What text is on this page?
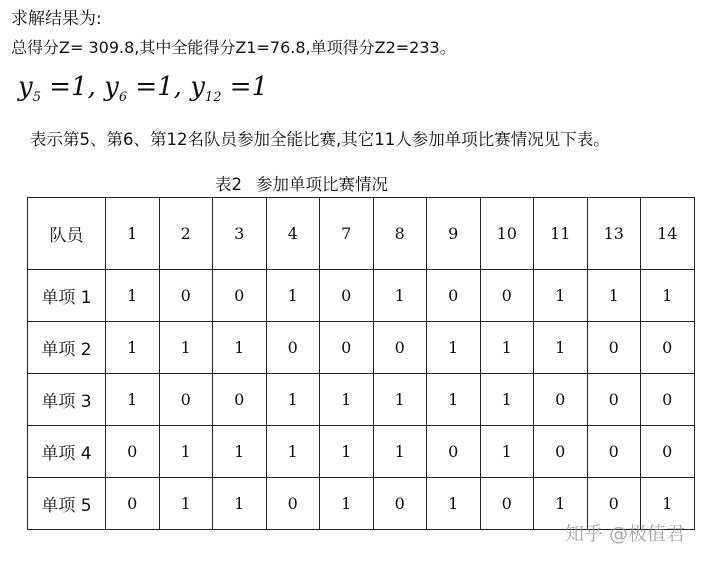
求解结果为:
总得分Z= 309.8,其中全能得分Z1=76.8,单项得分Z2=233。
$y_5 =1$, $y_6 =1$, $y_{12} =1$
表示第5、第6、第12名队员参加全能比赛,其它11人参加单项比赛情况见下表。
表2 参加单项比赛情况
队员	1	2	3	4	7	8	9	10	11	13	14
单项 1	1	0	0	1	0	1	0	0	1	1	1
单项 2	1	1	1	0	0	0	1	1	1	0	0
单项 3	1	0	0	1	1	1	1	1	0	0	0
单项 4	0	1	1	1	1	1	0	1	0	0	0
单项 5	0	1	1	0	1	0	1	0	1	0	1
知乎 @极值君
